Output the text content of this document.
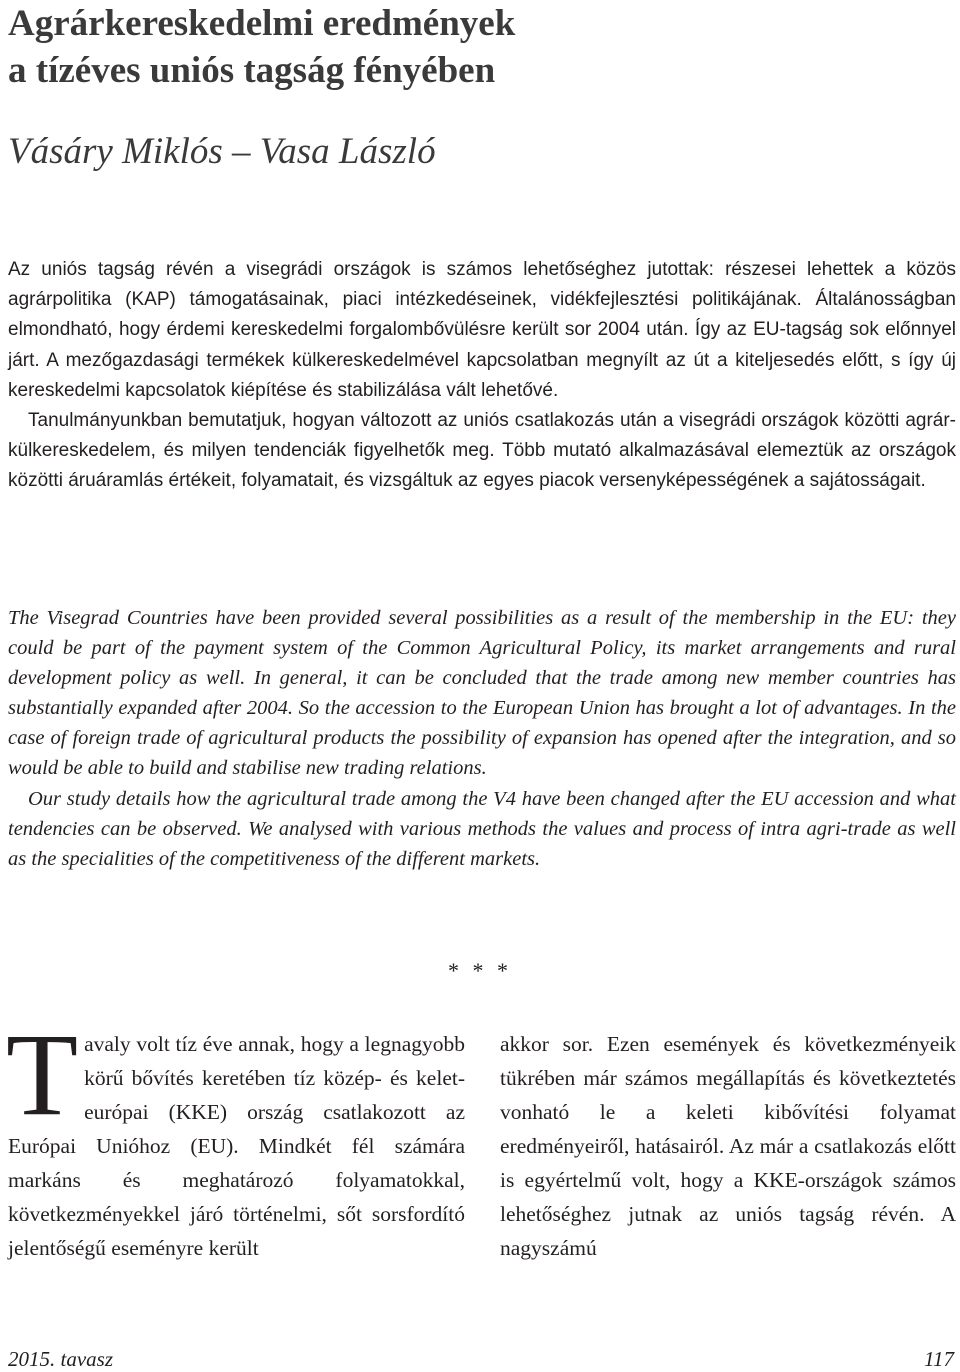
Agrárkereskedelmi eredmények
a tízéves uniós tagság fényében
Vásáry Miklós – Vasa László

Az uniós tagság révén a visegrádi országok is számos lehetőséghez jutottak: részesei lehettek a közös agrárpolitika (KAP) támogatásainak, piaci intézkedéseinek, vidékfejlesztési politikájának. Általánosságban elmondható, hogy érdemi kereskedelmi forgalombővülésre került sor 2004 után. Így az EU-tagság sok előnnyel járt. A mezőgazdasági termékek külkereskedelmével kapcsolatban megnyílt az út a kiteljesedés előtt, s így új kereskedelmi kapcsolatok kiépítése és stabilizálása vált lehetővé.

Tanulmányunkban bemutatjuk, hogyan változott az uniós csatlakozás után a visegrádi országok közötti agrár-külkereskedelem, és milyen tendenciák figyelhetők meg. Több mutató alkalmazásával elemeztük az országok közötti áruáramlás értékeit, folyamatait, és vizsgáltuk az egyes piacok versenyképességének a sajátosságait.

The Visegrad Countries have been provided several possibilities as a result of the membership in the EU: they could be part of the payment system of the Common Agricultural Policy, its market arrangements and rural development policy as well. In general, it can be concluded that the trade among new member countries has substantially expanded after 2004. So the accession to the European Union has brought a lot of advantages. In the case of foreign trade of agricultural products the possibility of expansion has opened after the integration, and so would be able to build and stabilise new trading relations.

Our study details how the agricultural trade among the V4 have been changed after the EU accession and what tendencies can be observed. We analysed with various methods the values and process of intra agri-trade as well as the specialities of the competitiveness of the different markets.

* * *
T avaly volt tíz éve annak, hogy a legnagyobb körű bővítés keretében tíz közép- és kelet-európai (KKE) ország csatlakozott az Európai Unióhoz (EU). Mindkét fél számára markáns és meghatározó folyamatokkal, következményekkel járó történelmi, sőt sorsfordító jelentőségű eseményre került

akkor sor. Ezen események és következményeik tükrében már számos megállapítás és következtetés vonható le a keleti kibővítési folyamat eredményeiről, hatásairól. Az már a csatlakozás előtt is egyértelmű volt, hogy a KKE-országok számos lehetőséghez jutnak az uniós tagság révén. A nagyszámú

2015. tavasz	117
